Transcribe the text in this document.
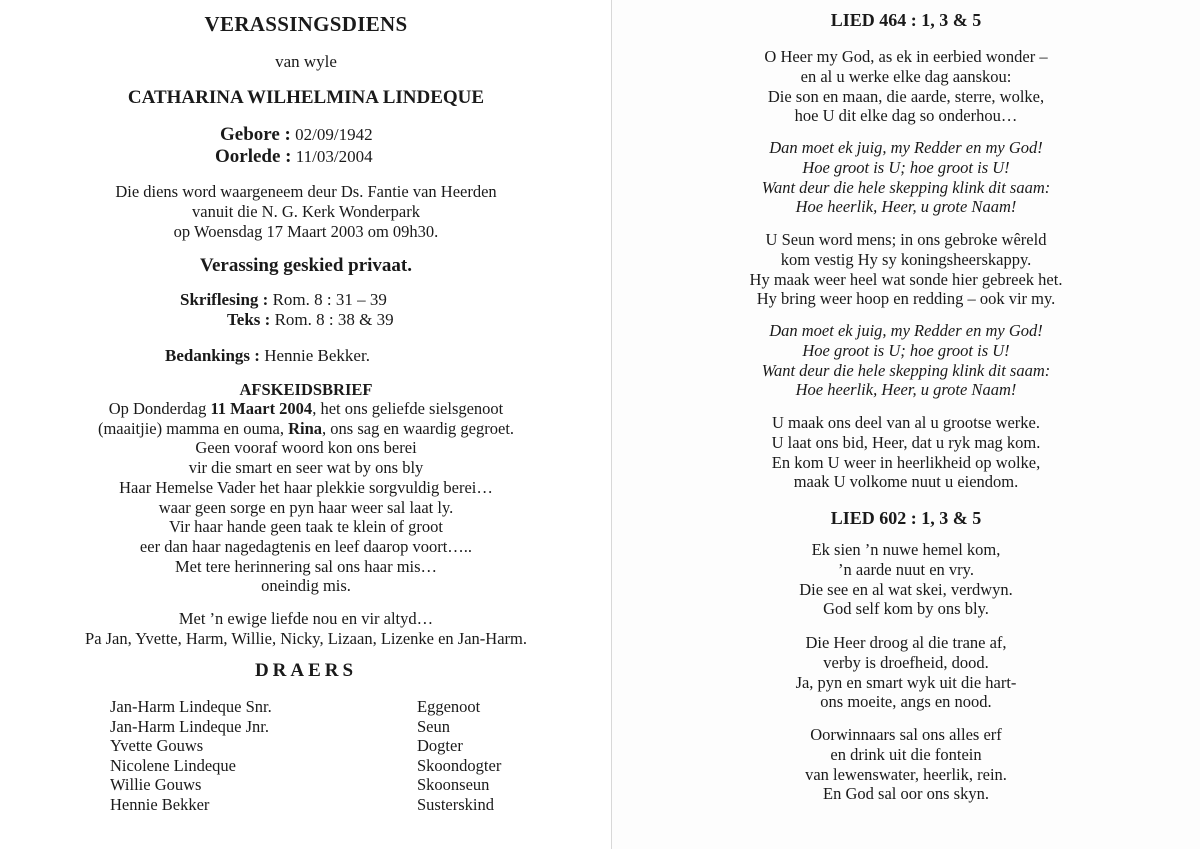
VERASSINGSDIENS
van wyle
CATHARINA WILHELMINA LINDEQUE
Gebore : 02/09/1942
Oorlede : 11/03/2004
Die diens word waargeneem deur Ds. Fantie van Heerden
vanuit die N. G. Kerk Wonderpark
op Woensdag 17 Maart 2003 om 09h30.
Verassing geskied privaat.
Skriflesing : Rom. 8 : 31 – 39
Teks : Rom. 8 : 38 & 39
Bedankings : Hennie Bekker.
AFSKEIDSBRIEF
Op Donderdag 11 Maart 2004, het ons geliefde sielsgenoot
(maaitjie) mamma en ouma, Rina, ons sag en waardig gegroet.
Geen vooraf woord kon ons berei
vir die smart en seer wat by ons bly
Haar Hemelse Vader het haar plekkie sorgvuldig berei…
waar geen sorge en pyn haar weer sal laat ly.
Vir haar hande geen taak te klein of groot
eer dan haar nagedagtenis en leef daarop voort…..
Met tere herinnering sal ons haar mis…
oneindig mis.
Met ’n ewige liefde nou en vir altyd…
Pa Jan, Yvette, Harm, Willie, Nicky, Lizaan, Lizenke en Jan-Harm.
DRAERS
Jan-Harm Lindeque Snr.
Jan-Harm Lindeque Jnr.
Yvette Gouws
Nicolene Lindeque
Willie Gouws
Hennie Bekker
Eggenoot
Seun
Dogter
Skoondogter
Skoonseun
Susterskind
LIED 464 : 1, 3 & 5
O Heer my God, as ek in eerbied wonder –
en al u werke elke dag aanskou:
Die son en maan, die aarde, sterre, wolke,
hoe U dit elke dag so onderhou…
Dan moet ek juig, my Redder en my God!
Hoe groot is U; hoe groot is U!
Want deur die hele skepping klink dit saam:
Hoe heerlik, Heer, u grote Naam!
U Seun word mens; in ons gebroke wêreld
kom vestig Hy sy koningsheerskappy.
Hy maak weer heel wat sonde hier gebreek het.
Hy bring weer hoop en redding – ook vir my.
Dan moet ek juig, my Redder en my God!
Hoe groot is U; hoe groot is U!
Want deur die hele skepping klink dit saam:
Hoe heerlik, Heer, u grote Naam!
U maak ons deel van al u grootse werke.
U laat ons bid, Heer, dat u ryk mag kom.
En kom U weer in heerlikheid op wolke,
maak U volkome nuut u eiendom.
LIED 602 : 1, 3 & 5
Ek sien ’n nuwe hemel kom,
’n aarde nuut en vry.
Die see en al wat skei, verdwyn.
God self kom by ons bly.
Die Heer droog al die trane af,
verby is droefheid, dood.
Ja, pyn en smart wyk uit die hart-
ons moeite, angs en nood.
Oorwinnaars sal ons alles erf
en drink uit die fontein
van lewenswater, heerlik, rein.
En God sal oor ons skyn.
